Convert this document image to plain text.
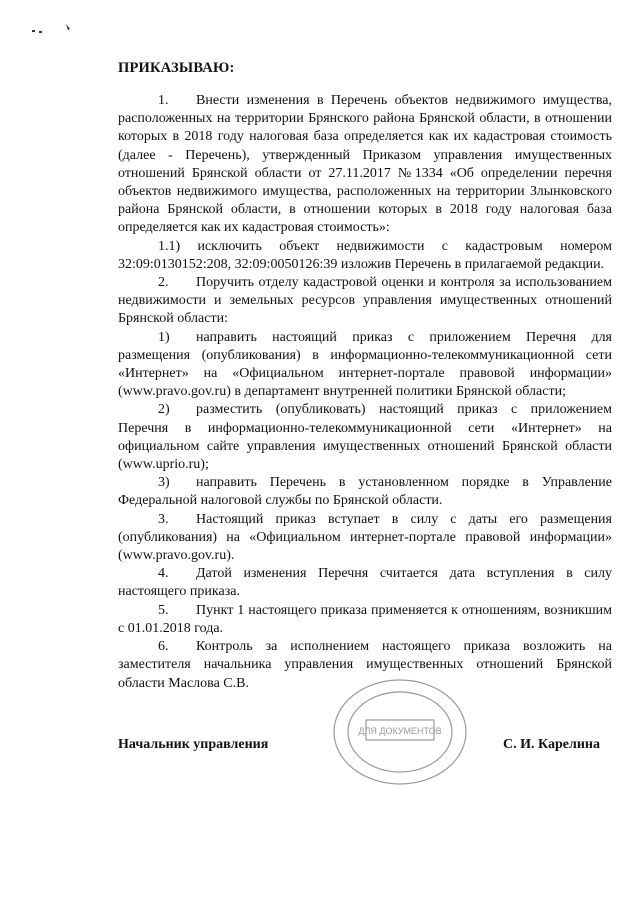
ПРИКАЗЫВАЮ:

1. Внести изменения в Перечень объектов недвижимого имущества, расположенных на территории Брянского района Брянской области, в отношении которых в 2018 году налоговая база определяется как их кадастровая стоимость (далее - Перечень), утвержденный Приказом управления имущественных отношений Брянской области от 27.11.2017 №1334 «Об определении перечня объектов недвижимого имущества, расположенных на территории Злынковского района Брянской области, в отношении которых в 2018 году налоговая база определяется как их кадастровая стоимость»:

1.1) исключить объект недвижимости с кадастровым номером 32:09:0130152:208, 32:09:0050126:39 изложив Перечень в прилагаемой редакции.

2. Поручить отделу кадастровой оценки и контроля за использованием недвижимости и земельных ресурсов управления имущественных отношений Брянской области:

1) направить настоящий приказ с приложением Перечня для размещения (опубликования) в информационно-телекоммуникационной сети «Интернет» на «Официальном интернет-портале правовой информации» (www.pravo.gov.ru) в департамент внутренней политики Брянской области;

2) разместить (опубликовать) настоящий приказ с приложением Перечня в информационно-телекоммуникационной сети «Интернет» на официальном сайте управления имущественных отношений Брянской области (www.uprio.ru);

3) направить Перечень в установленном порядке в Управление Федеральной налоговой службы по Брянской области.

3. Настоящий приказ вступает в силу с даты его размещения (опубликования) на «Официальном интернет-портале правовой информации» (www.pravo.gov.ru).

4. Датой изменения Перечня считается дата вступления в силу настоящего приказа.

5. Пункт 1 настоящего приказа применяется к отношениям, возникшим с 01.01.2018 года.

6. Контроль за исполнением настоящего приказа возложить на заместителя начальника управления имущественных отношений Брянской области Маслова С.В.

ДЛЯ ДОКУМЕНТОВ
Начальник управления	С. И. Карелина
